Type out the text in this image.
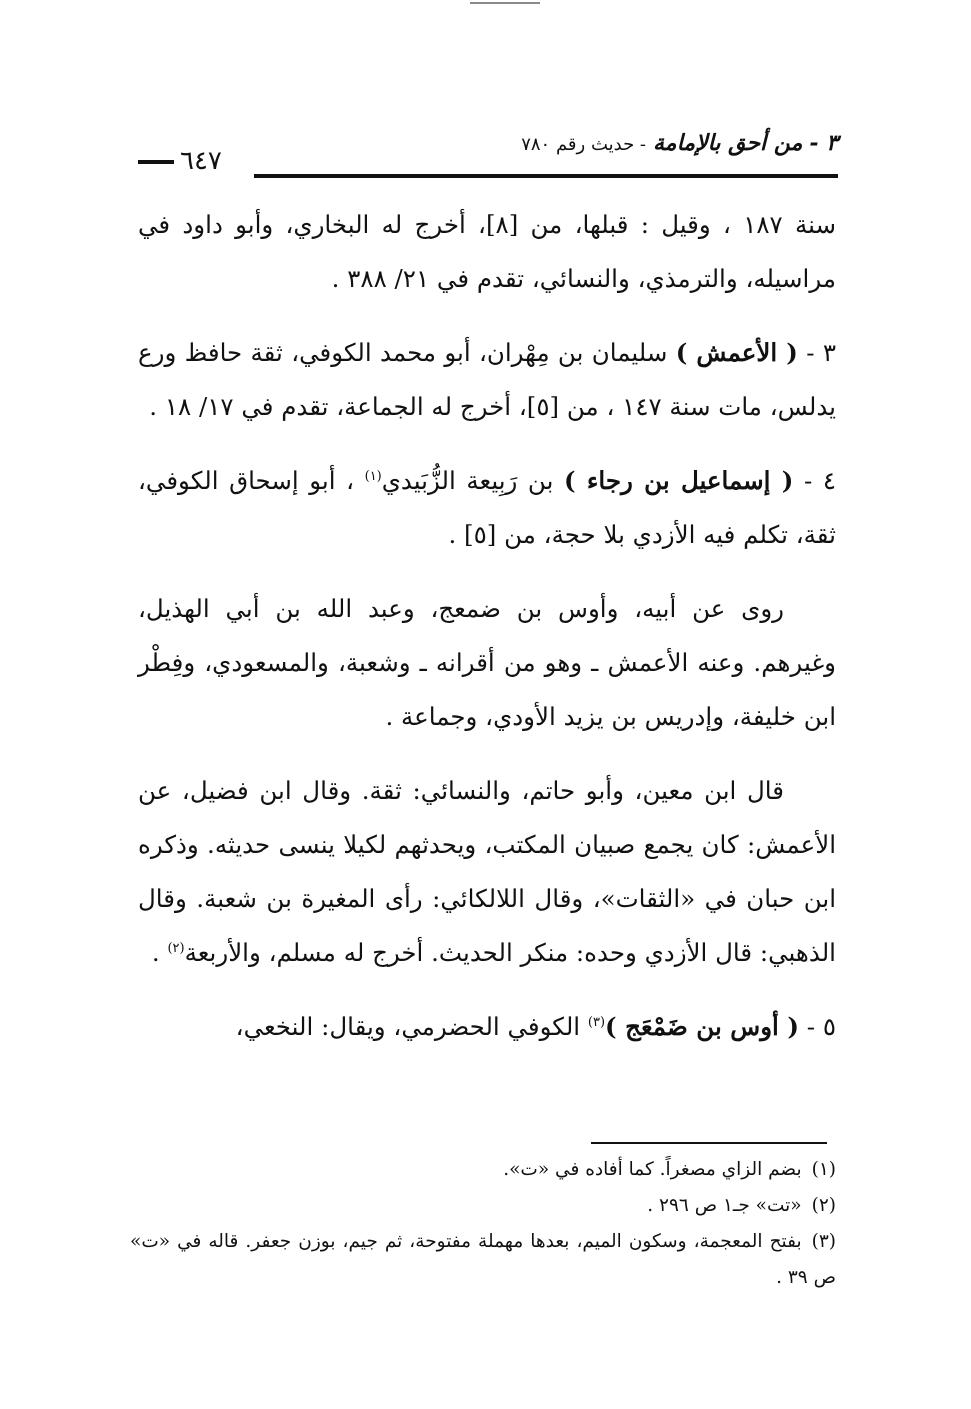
٣ - من أحق بالإمامة - حديث رقم ٧٨٠
٦٤٧

سنة ١٨٧ ، وقيل : قبلها، من [٨]، أخرج له البخاري، وأبو داود في مراسيله، والترمذي، والنسائي، تقدم في ٢١/ ٣٨٨ .

٣ - ( الأعمش ) سليمان بن مِهْران، أبو محمد الكوفي، ثقة حافظ ورع يدلس، مات سنة ١٤٧ ، من [٥]، أخرج له الجماعة، تقدم في ١٧/ ١٨ .

٤ - ( إسماعيل بن رجاء ) بن رَبِيعة الزُّبَيدي$^{(١)}$ ، أبو إسحاق الكوفي، ثقة، تكلم فيه الأزدي بلا حجة، من [٥] .

روى عن أبيه، وأوس بن ضمعج، وعبد الله بن أبي الهذيل، وغيرهم. وعنه الأعمش ـ وهو من أقرانه ـ وشعبة، والمسعودي، وفِطْر ابن خليفة، وإدريس بن يزيد الأودي، وجماعة .

قال ابن معين، وأبو حاتم، والنسائي: ثقة. وقال ابن فضيل، عن الأعمش: كان يجمع صبيان المكتب، ويحدثهم لكيلا ينسى حديثه. وذكره ابن حبان في «الثقات»، وقال اللالكائي: رأى المغيرة بن شعبة. وقال الذهبي: قال الأزدي وحده: منكر الحديث. أخرج له مسلم، والأربعة$^{(٢)}$ .

٥ - ( أوس بن ضَمْعَج )$^{(٣)}$ الكوفي الحضرمي، ويقال: النخعي،

(١)بضم الزاي مصغراً. كما أفاده في «ت».

(٢)«تت» جـ١ ص ٢٩٦ .

(٣)بفتح المعجمة، وسكون الميم، بعدها مهملة مفتوحة، ثم جيم، بوزن جعفر. قاله في «ت» ص ٣٩ .
